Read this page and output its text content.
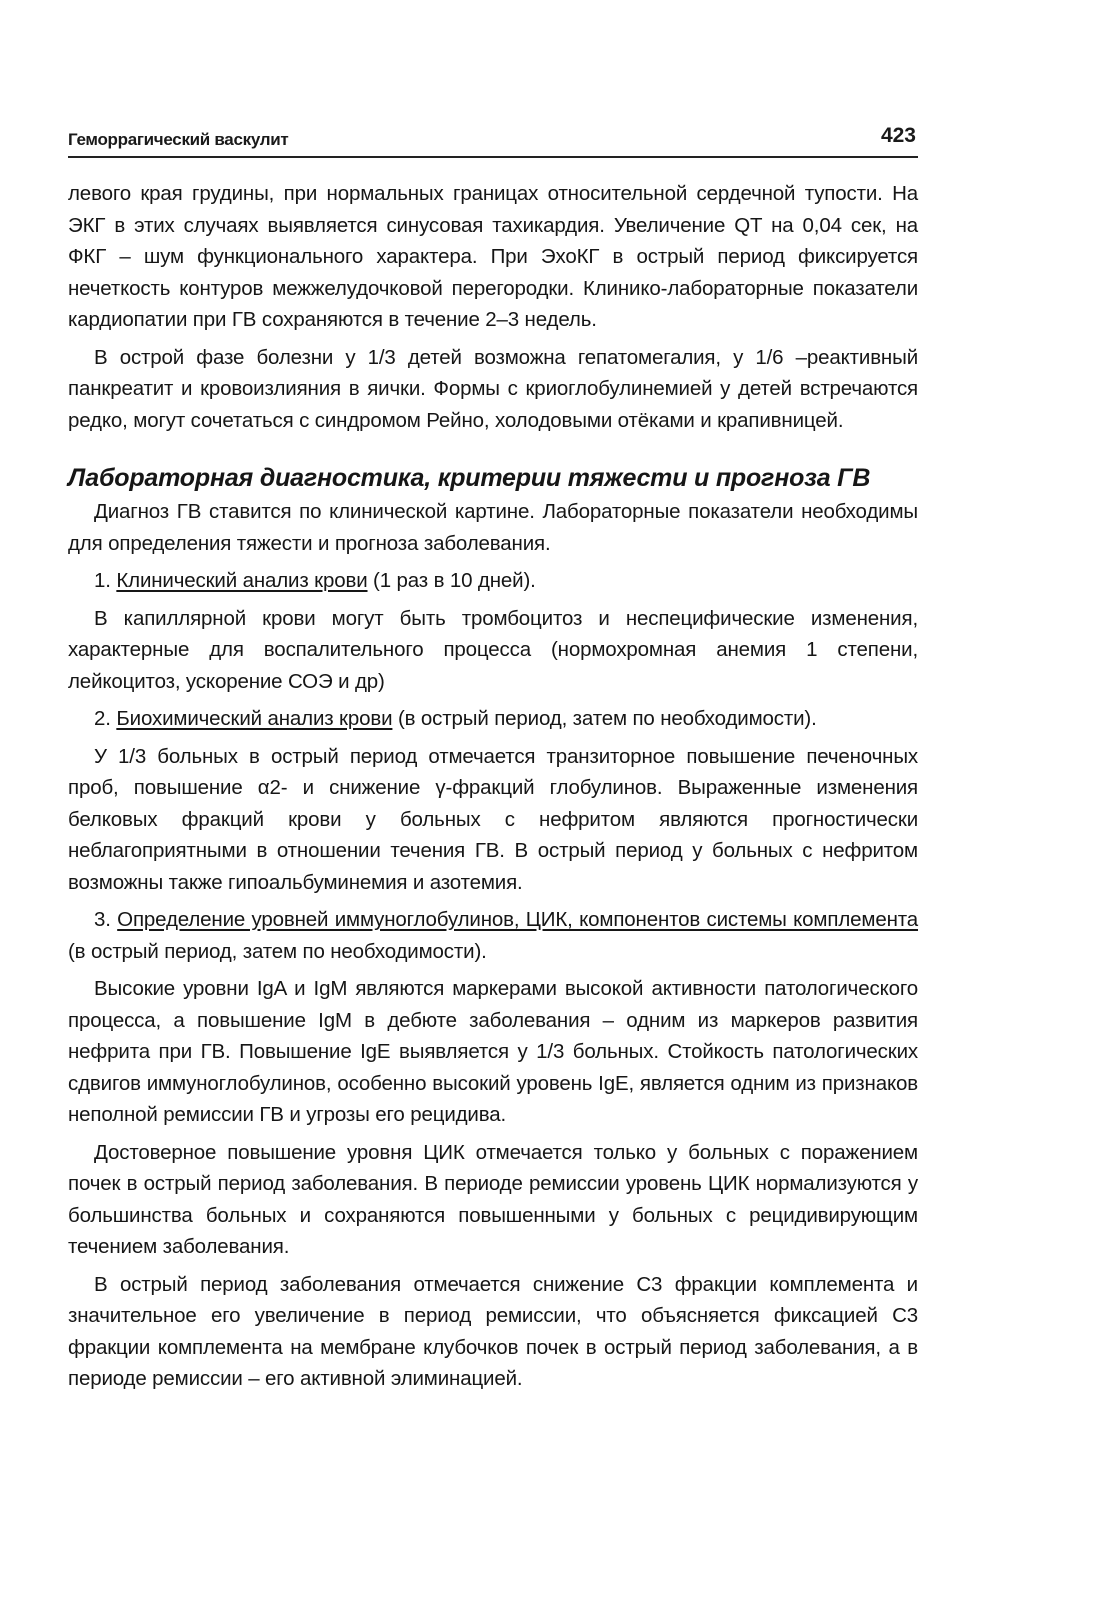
Геморрагический васкулит	423

левого края грудины, при нормальных границах относительной сердечной тупости. На ЭКГ в этих случаях выявляется синусовая тахикардия. Увеличение QT на 0,04 сек, на ФКГ – шум функционального характера. При ЭхоКГ в острый период фиксируется нечеткость контуров межжелудочковой перегородки. Клинико-лабораторные показатели кардиопатии при ГВ сохраняются в течение 2–3 недель.

В острой фазе болезни у 1/3 детей возможна гепатомегалия, у 1/6 –реактивный панкреатит и кровоизлияния в яички. Формы с криоглобулинемией у детей встречаются редко, могут сочетаться с синдромом Рейно, холодовыми отёками и крапивницей.

Лабораторная диагностика, критерии тяжести и прогноза ГВ

Диагноз ГВ ставится по клинической картине. Лабораторные показатели необходимы для определения тяжести и прогноза заболевания.

1. Клинический анализ крови (1 раз в 10 дней).

В капиллярной крови могут быть тромбоцитоз и неспецифические изменения, характерные для воспалительного процесса (нормохромная анемия 1 степени, лейкоцитоз, ускорение СОЭ и др)

2. Биохимический анализ крови (в острый период, затем по необходимости).

У 1/3 больных в острый период отмечается транзиторное повышение печеночных проб, повышение α2- и снижение γ-фракций глобулинов. Выраженные изменения белковых фракций крови у больных с нефритом являются прогностически неблагоприятными в отношении течения ГВ. В острый период у больных с нефритом возможны также гипоальбуминемия и азотемия.

3. Определение уровней иммуноглобулинов, ЦИК, компонентов системы комплемента (в острый период, затем по необходимости).

Высокие уровни IgA и IgM являются маркерами высокой активности патологического процесса, а повышение IgM в дебюте заболевания – одним из маркеров развития нефрита при ГВ. Повышение IgE выявляется у 1/3 больных. Стойкость патологических сдвигов иммуноглобулинов, особенно высокий уровень IgE, является одним из признаков неполной ремиссии ГВ и угрозы его рецидива.

Достоверное повышение уровня ЦИК отмечается только у больных с поражением почек в острый период заболевания. В периоде ремиссии уровень ЦИК нормализуются у большинства больных и сохраняются повышенными у больных с рецидивирующим течением заболевания.

В острый период заболевания отмечается снижение С3 фракции комплемента и значительное его увеличение в период ремиссии, что объясняется фиксацией С3 фракции комплемента на мембране клубочков почек в острый период заболевания, а в периоде ремиссии – его активной элиминацией.
